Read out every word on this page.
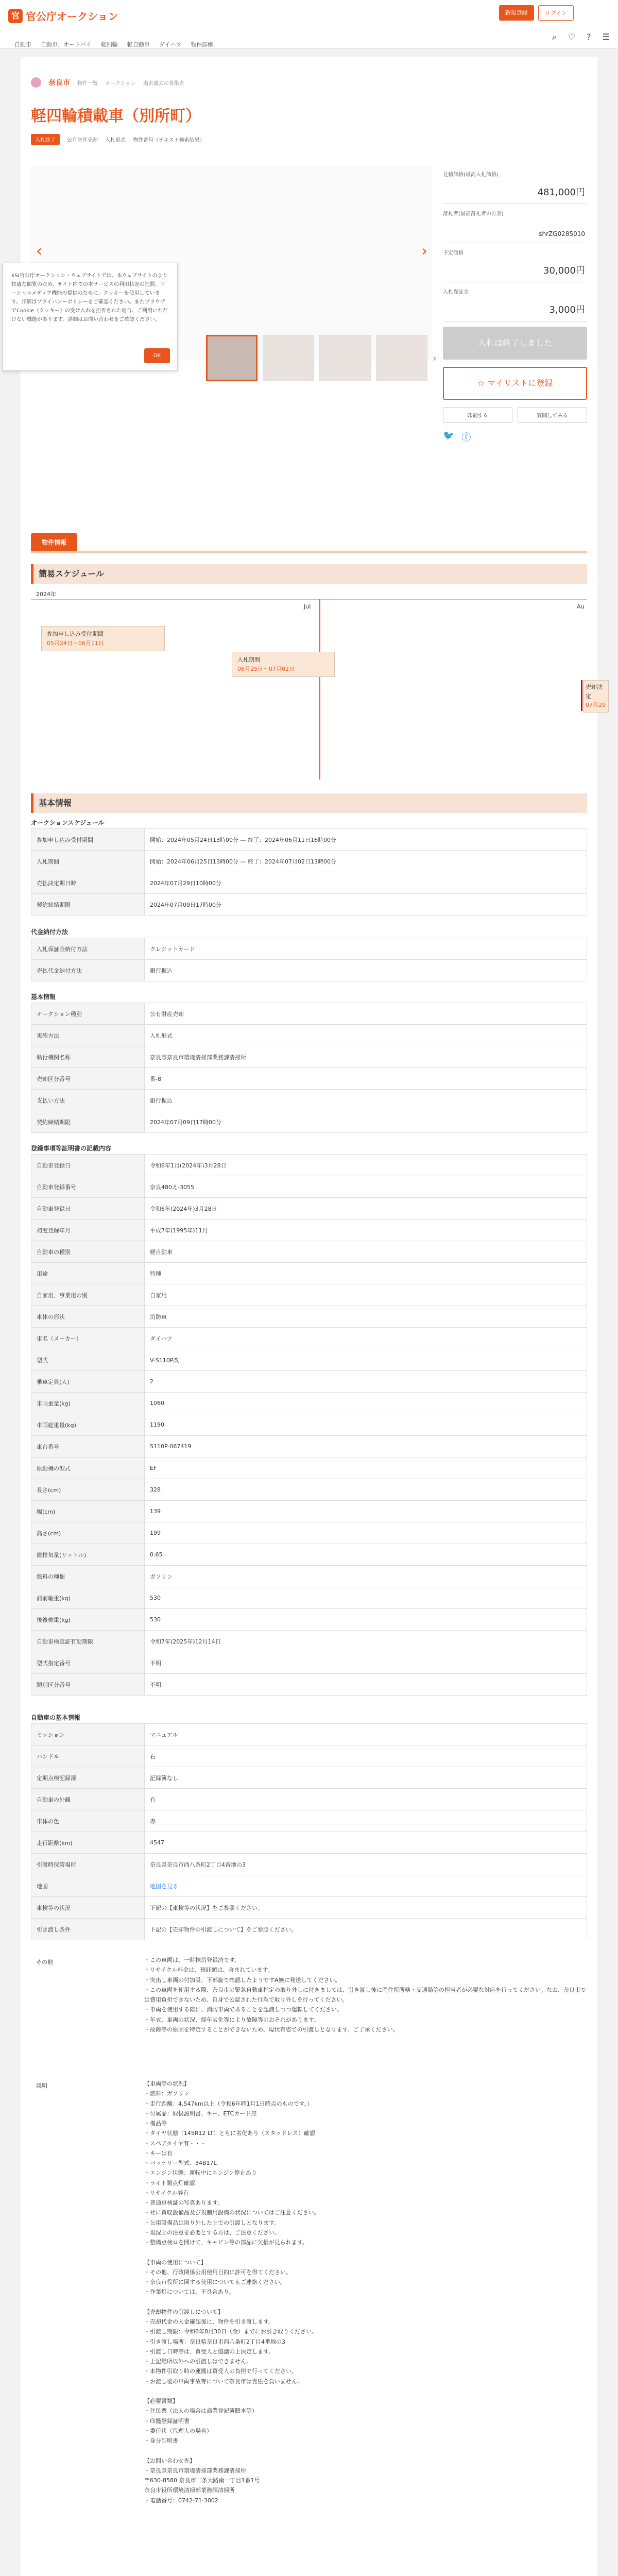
官 官公庁オークション
自動車 自動車、オートバイ 軽四輪 軽自動車 ダイハツ 物件詳細
新規登録	ログイン
⌕ ♡ ? ☰
奈良市 物件一覧 オークション 過去過去の募集者
軽四輪積載車（別所町）
入札終了	公有財産売却 入札形式 物件番号（テキスト検索結果）
‹	›
KSI官公庁オークション・ウェブサイトでは、本ウェブサイトのより快適な閲覧のため、サイト内での本サービスの利用状況の把握、ソーシャルメディア機能の提供のために、クッキーを使用しています。詳細はプライバシーポリシーをご確認ください。またブラウザでCookie（クッキー）の受け入れを拒否された場合、ご利用いただけない機能があります。詳細はお問い合わせをご確認ください。
OK	›
見積価格(最高入札価格)
481,000円
落札者(最高落札者の公表)
shrZG0285010
予定価格
30,000円
入札保証金
3,000円
入札は終了しました
☆ マイリストに登録
印刷する	質問してみる
🐦 ⓕ
物件情報
簡易スケジュール
2024年
Jul	Au
参加申し込み受付期間
05月24日～06月11日
入札期間
06月25日～07月02日
売却決定
07月29
基本情報
オークションスケジュール
参加申し込み受付期間	開始：2024年05月24日13時00分 ― 終了：2024年06月11日16時00分
入札期間	開始：2024年06月25日13時00分 ― 終了：2024年07月02日13時00分
売払決定期日時	2024年07月29日10時00分
契約締結期限	2024年07月09日17時00分
代金納付方法
入札保証金納付方法	クレジットカード
売払代金納付方法	銀行振込
基本情報
オークション種別	公有財産売却
実施方法	入札形式
執行機関名称	奈良県奈良市環境清掃部業務課清掃所
売却区分番号	番-8
支払い方法	銀行振込
契約締結期限	2024年07月09日17時00分
登録事項等証明書の記載内容
自動車登録日	令和6年1月(2024年)3月28日
自動車登録番号	奈良480え-3055
自動車登録日	令和6年(2024年)3月28日
初度登録年月	平成7年(1995年)11月
自動車の種別	軽自動車
用途	特種
自家用、事業用の別	自家用
車体の形状	消防車
車名（メーカー）	ダイハツ
型式	V-S110P改
乗車定員(人)	2
車両重量(kg)	1060
車両総重量(kg)	1190
車台番号	S110P-067419
原動機の型式	EF
長さ(cm)	328
幅(cm)	139
高さ(cm)	199
総排気量(リットル)	0.65
燃料の種類	ガソリン
前前軸重(kg)	530
後後軸重(kg)	530
自動車検査証有効期限	令和7年(2025年)12月14日
型式指定番号	不明
類別区分番号	不明
自動車の基本情報
ミッション	マニュアル
ハンドル	右
定期点検記録簿	記録簿なし
自動車の外観	有
車体の色	赤
走行距離(km)	4547
引渡時保管場所	奈良県奈良市西八条町2丁目4番地の3
地図	地図を見る
車検等の状況	下記の【車検等の状況】をご参照ください。
引き渡し条件	下記の【売却物件の引渡しについて】をご参照ください。
その他	・この車両は、一時抹消登録済です。
・リサイクル料金は、預託額は、含まれています。
・突出し車両の付加設、下部旋で確認したようですA無に発送してください。
・この車両を使用する際、奈良市の緊急自動車指定の取り外しに付きましては、引き渡し後に岡住所所轄・交通局等の担当者が必要な対応を行ってください。なお、奈良市では費用負担できないため、自身で公認された行為で取り外しを行ってください。
・車両を使用する際に、消防車両であることを認識しつつ運転してください。
・年式、車両の状況、経年劣化等により故障等のおそれがあります。
・故障等の原因を特定することができないため、現状有姿での引渡しとなります。ご了承ください。
説明	【車両等の状況】
・燃料：ガソリン
・走行距離：4,547km以上（令和6年時1月1日時点のものです。）
・付属品：取扱説明書、キー、ETCカード無
・備品等
・タイヤ状態（145R12 LT）ともに劣化あり（スタッドレス）確認
・スペアタイヤ有・・・
・キーは有
・バッテリー型式：34B17L
・エンジン状態：運転中にエンジン停止あり
・ライト類点灯確認
・リサイクル券有
・普通車検証の写真あります。
・社に買収設備品及び規制用設備の状況についてはご注意ください。
・公用設備品は取り外した上での引渡しとなります。
・現況上の注意を必要とする方は、ご注意ください。
・整備点検ロを開けて、キャビン等の部品に欠損が見られます。

【車両の使用について】
・その他、行政関係公用使用目的に許可を得てください。
・奈良市役所に関する使用についてもご連絡ください。
・作業灯については、不具合あり。

【売却物件の引渡しについて】
・売却代金の入金確認後に、物件を引き渡します。
・引渡し期限：令和6年8月30日（金）までにお引き取りください。
・引き渡し場所：奈良県奈良市西八条町2丁目4番地の3
・引渡し日時等は、買受人と協議の上決定します。
・上記場所以外への引渡しはできません。
・本物件引取り時の運搬は買受人の負担で行ってください。
・お渡し後の車両事故等について奈良市は責任を負いません。

【必要書類】
・住民票（法人の場合は商業登記簿謄本等）
・印鑑登録証明書
・委任状（代理人の場合）
・身分証明書

【お問い合わせ先】
・奈良県奈良市環境清掃部業務課清掃所
〒630-8580 奈良市二条大路南一丁目1番1号
奈良市役所環境清掃部業務課清掃所
・電話番号：0742-71-3002
